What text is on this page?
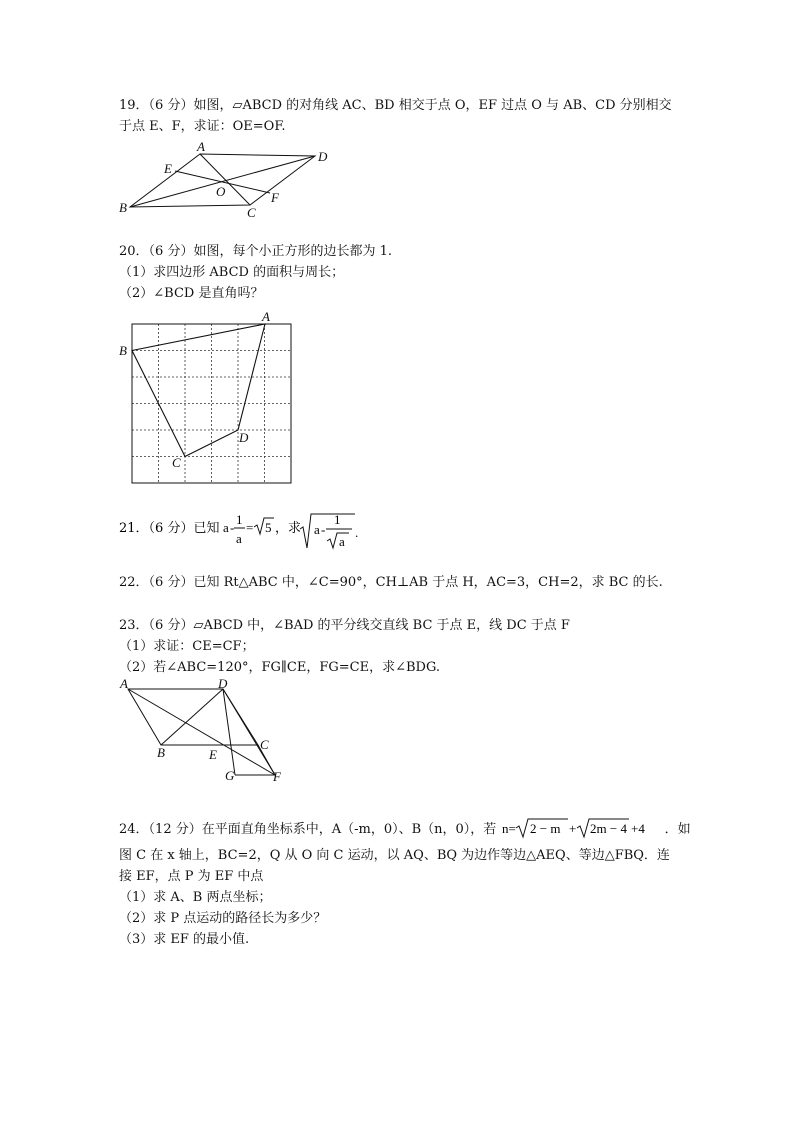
19．（6 分）如图，▱ABCD 的对角线 AC、BD 相交于点 O，EF 过点 O 与 AB、CD 分别相交
于点 E、F，求证：OE=OF.
A
D
B	C
E
F
O
20．（6 分）如图，每个小正方形的边长都为 1.
（1）求四边形 ABCD 的面积与周长；
（2）∠BCD 是直角吗？
A
B
C
D
21．（6 分）已知 a -
1
a
= 5 ，求 a -
1
a
.
22．（6 分）已知 Rt△ABC 中，∠C=90°，CH⊥AB 于点 H，AC=3，CH=2，求 BC 的长.
23．（6 分）▱ABCD 中，∠BAD 的平分线交直线 BC 于点 E，线 DC 于点 F
（1）求证：CE=CF；
（2）若∠ABC=120°，FG∥CE，FG=CE，求∠BDG.
A	D
B
C
E
F
G
24．（12 分）在平面直角坐标系中，A（-m，0）、B（n，0），若 n= 2 − m + 2m − 4 +4 ．如
图 C 在 x 轴上，BC=2，Q 从 O 向 C 运动，以 AQ、BQ 为边作等边△AEQ、等边△FBQ．连
接 EF，点 P 为 EF 中点
（1）求 A、B 两点坐标；
（2）求 P 点运动的路径长为多少？
（3）求 EF 的最小值.
